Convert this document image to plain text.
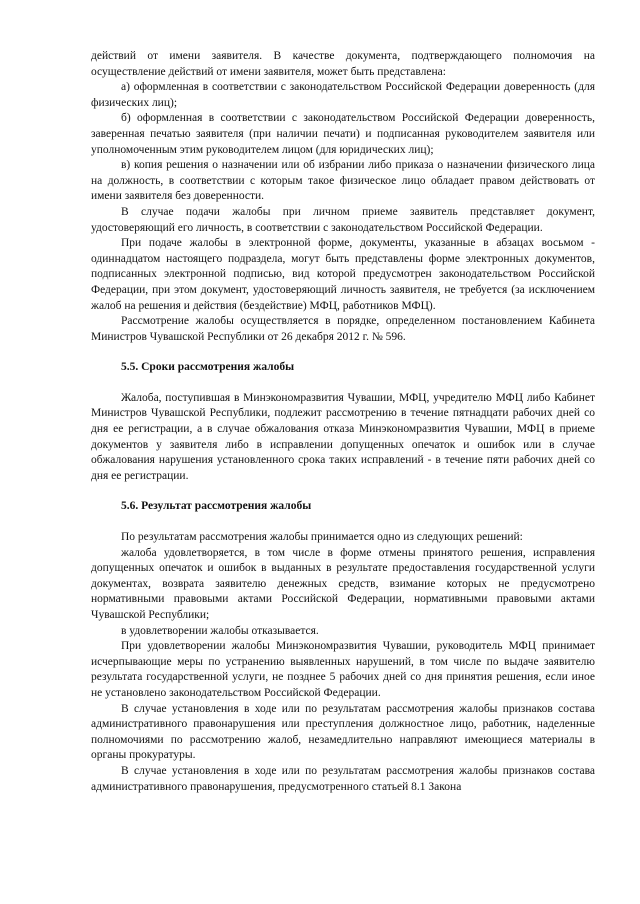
действий от имени заявителя. В качестве документа, подтверждающего полномочия на осуществление действий от имени заявителя, может быть представлена:

а) оформленная в соответствии с законодательством Российской Федерации доверенность (для физических лиц);

б) оформленная в соответствии с законодательством Российской Федерации доверенность, заверенная печатью заявителя (при наличии печати) и подписанная руководителем заявителя или уполномоченным этим руководителем лицом (для юридических лиц);

в) копия решения о назначении или об избрании либо приказа о назначении физического лица на должность, в соответствии с которым такое физическое лицо обладает правом действовать от имени заявителя без доверенности.

В случае подачи жалобы при личном приеме заявитель представляет документ, удостоверяющий его личность, в соответствии с законодательством Российской Федерации.

При подаче жалобы в электронной форме, документы, указанные в абзацах восьмом - одиннадцатом настоящего подраздела, могут быть представлены форме электронных документов, подписанных электронной подписью, вид которой предусмотрен законодательством Российской Федерации, при этом документ, удостоверяющий личность заявителя, не требуется (за исключением жалоб на решения и действия (бездействие) МФЦ, работников МФЦ).

Рассмотрение жалобы осуществляется в порядке, определенном постановлением Кабинета Министров Чувашской Республики от 26 декабря 2012 г. № 596.

5.5. Сроки рассмотрения жалобы

Жалоба, поступившая в Минэкономразвития Чувашии, МФЦ, учредителю МФЦ либо Кабинет Министров Чувашской Республики, подлежит рассмотрению в течение пятнадцати рабочих дней со дня ее регистрации, а в случае обжалования отказа Минэкономразвития Чувашии, МФЦ в приеме документов у заявителя либо в исправлении допущенных опечаток и ошибок или в случае обжалования нарушения установленного срока таких исправлений - в течение пяти рабочих дней со дня ее регистрации.

5.6. Результат рассмотрения жалобы

По результатам рассмотрения жалобы принимается одно из следующих решений:

жалоба удовлетворяется, в том числе в форме отмены принятого решения, исправления допущенных опечаток и ошибок в выданных в результате предоставления государственной услуги документах, возврата заявителю денежных средств, взимание которых не предусмотрено нормативными правовыми актами Российской Федерации, нормативными правовыми актами Чувашской Республики;

в удовлетворении жалобы отказывается.

При удовлетворении жалобы Минэкономразвития Чувашии, руководитель МФЦ принимает исчерпывающие меры по устранению выявленных нарушений, в том числе по выдаче заявителю результата государственной услуги, не позднее 5 рабочих дней со дня принятия решения, если иное не установлено законодательством Российской Федерации.

В случае установления в ходе или по результатам рассмотрения жалобы признаков состава административного правонарушения или преступления должностное лицо, работник, наделенные полномочиями по рассмотрению жалоб, незамедлительно направляют имеющиеся материалы в органы прокуратуры.

В случае установления в ходе или по результатам рассмотрения жалобы признаков состава административного правонарушения, предусмотренного статьей 8.1 Закона
